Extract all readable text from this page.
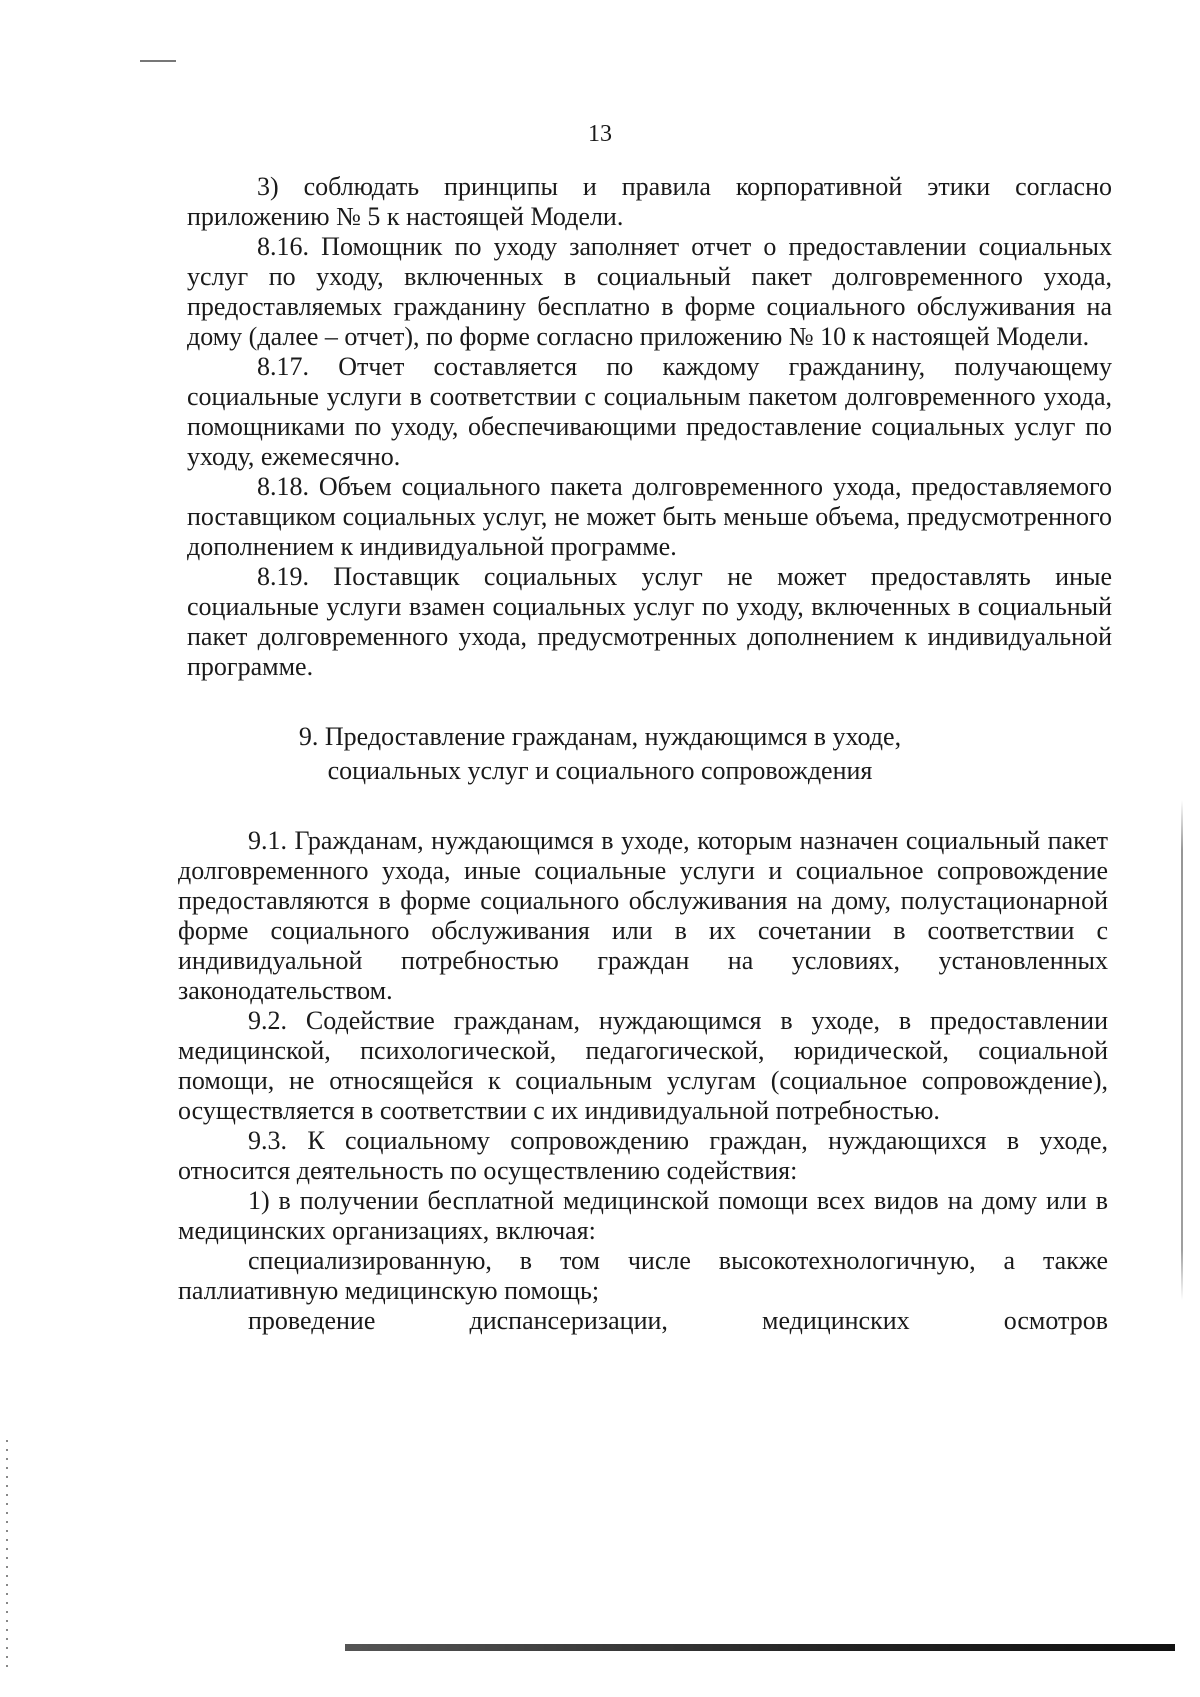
13

3) соблюдать принципы и правила корпоративной этики согласно приложению № 5 к настоящей Модели.

8.16. Помощник по уходу заполняет отчет о предоставлении социальных услуг по уходу, включенных в социальный пакет долговременного ухода, предоставляемых гражданину бесплатно в форме социального обслуживания на дому (далее – отчет), по форме согласно приложению № 10 к настоящей Модели.

8.17. Отчет составляется по каждому гражданину, получающему социальные услуги в соответствии с социальным пакетом долговременного ухода, помощниками по уходу, обеспечивающими предоставление социальных услуг по уходу, ежемесячно.

8.18. Объем социального пакета долговременного ухода, предоставляемого поставщиком социальных услуг, не может быть меньше объема, предусмотренного дополнением к индивидуальной программе.

8.19. Поставщик социальных услуг не может предоставлять иные социальные услуги взамен социальных услуг по уходу, включенных в социальный пакет долговременного ухода, предусмотренных дополнением к индивидуальной программе.

9. Предоставление гражданам, нуждающимся в уходе,
социальных услуг и социального сопровождения

9.1. Гражданам, нуждающимся в уходе, которым назначен социальный пакет долговременного ухода, иные социальные услуги и социальное сопровождение предоставляются в форме социального обслуживания на дому, полустационарной форме социального обслуживания или в их сочетании в соответствии с индивидуальной потребностью граждан на условиях, установленных законодательством.

9.2. Содействие гражданам, нуждающимся в уходе, в предоставлении медицинской, психологической, педагогической, юридической, социальной помощи, не относящейся к социальным услугам (социальное сопровождение), осуществляется в соответствии с их индивидуальной потребностью.

9.3. К социальному сопровождению граждан, нуждающихся в уходе, относится деятельность по осуществлению содействия:

1) в получении бесплатной медицинской помощи всех видов на дому или в медицинских организациях, включая:

специализированную, в том числе высокотехнологичную, а также паллиативную медицинскую помощь;

проведение диспансеризации, медицинских осмотров
